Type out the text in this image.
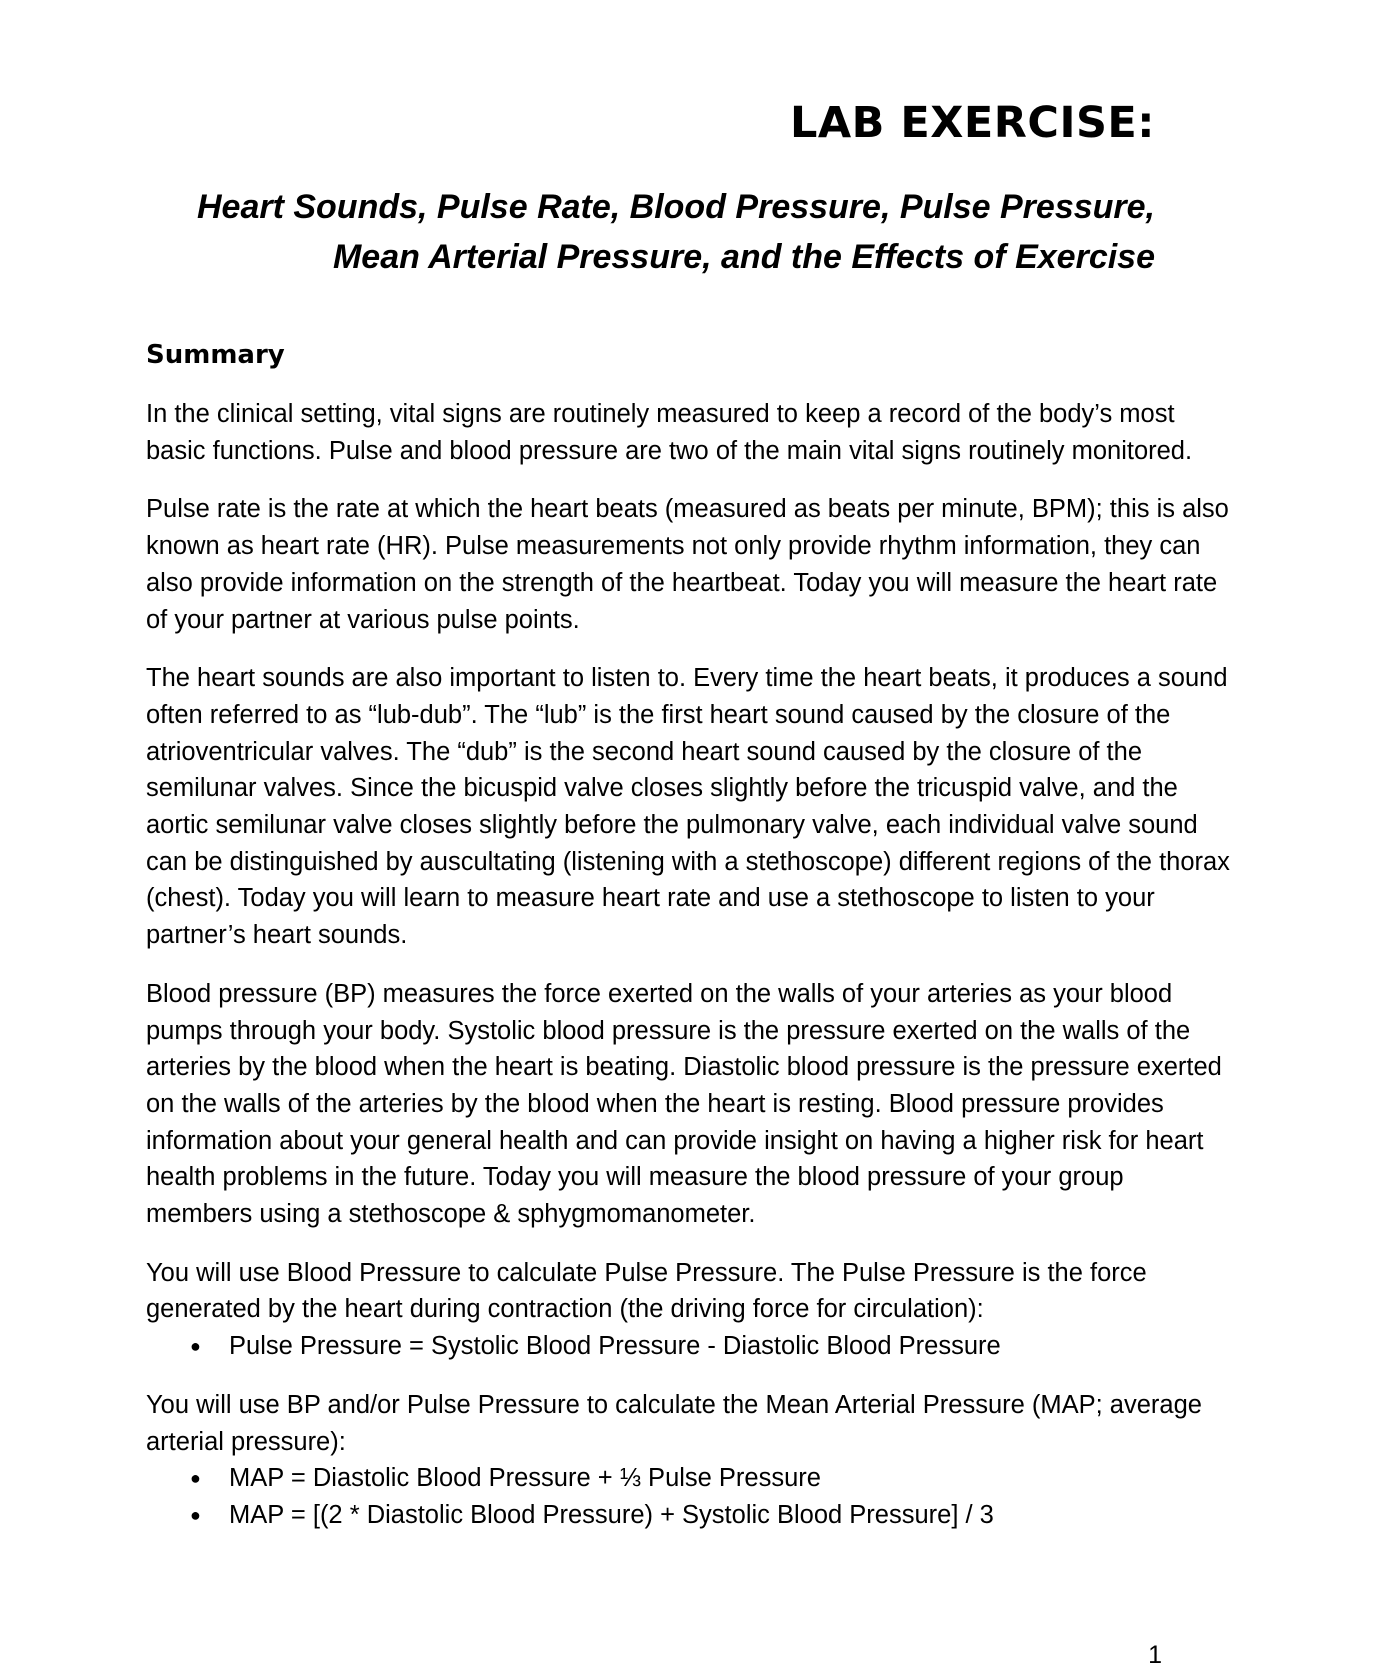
LAB EXERCISE:
Heart Sounds, Pulse Rate, Blood Pressure, Pulse Pressure,
Mean Arterial Pressure, and the Effects of Exercise
Summary

In the clinical setting, vital signs are routinely measured to keep a record of the body’s most basic functions. Pulse and blood pressure are two of the main vital signs routinely monitored.

Pulse rate is the rate at which the heart beats (measured as beats per minute, BPM); this is also known as heart rate (HR). Pulse measurements not only provide rhythm information, they can also provide information on the strength of the heartbeat. Today you will measure the heart rate of your partner at various pulse points.

The heart sounds are also important to listen to. Every time the heart beats, it produces a sound often referred to as “lub-dub”. The “lub” is the first heart sound caused by the closure of the atrioventricular valves. The “dub” is the second heart sound caused by the closure of the semilunar valves. Since the bicuspid valve closes slightly before the tricuspid valve, and the aortic semilunar valve closes slightly before the pulmonary valve, each individual valve sound can be distinguished by auscultating (listening with a stethoscope) different regions of the thorax (chest). Today you will learn to measure heart rate and use a stethoscope to listen to your partner’s heart sounds.

Blood pressure (BP) measures the force exerted on the walls of your arteries as your blood pumps through your body. Systolic blood pressure is the pressure exerted on the walls of the arteries by the blood when the heart is beating. Diastolic blood pressure is the pressure exerted on the walls of the arteries by the blood when the heart is resting. Blood pressure provides information about your general health and can provide insight on having a higher risk for heart health problems in the future. Today you will measure the blood pressure of your group members using a stethoscope & sphygmomanometer.

You will use Blood Pressure to calculate Pulse Pressure. The Pulse Pressure is the force generated by the heart during contraction (the driving force for circulation):

● Pulse Pressure = Systolic Blood Pressure - Diastolic Blood Pressure

You will use BP and/or Pulse Pressure to calculate the Mean Arterial Pressure (MAP; average arterial pressure):

● MAP = Diastolic Blood Pressure + ⅓ Pulse Pressure
● MAP = [(2 * Diastolic Blood Pressure) + Systolic Blood Pressure] / 3
1
